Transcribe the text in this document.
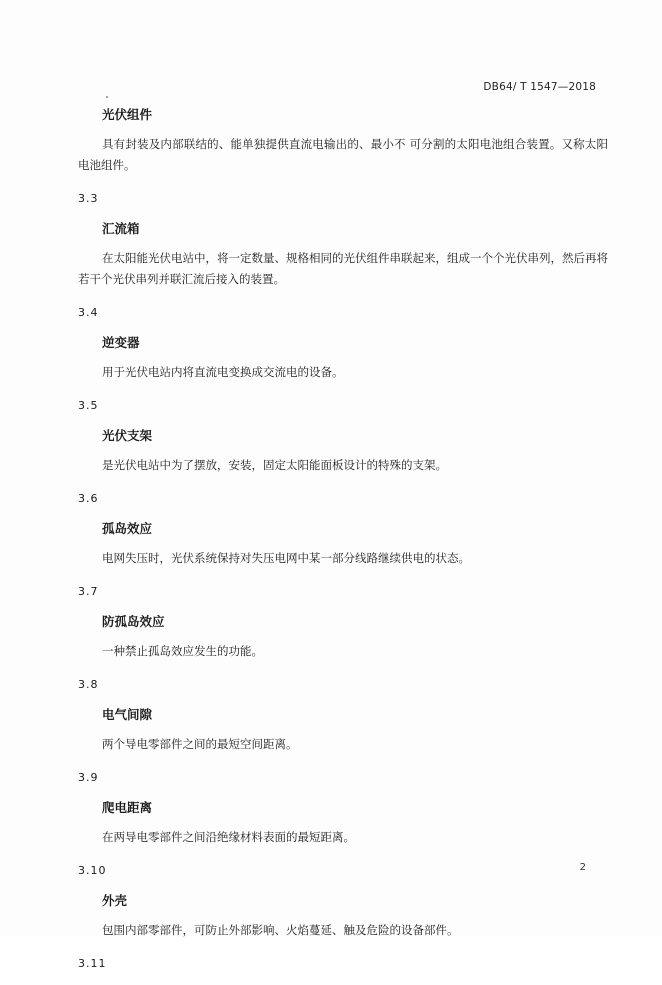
DB64/ T 1547—2018
光伏组件
具有封装及内部联结的、能单独提供直流电输出的、最小不 可分割的太阳电池组合装置。又称太阳电池组件。
3.3
汇流箱
在太阳能光伏电站中，将一定数量、规格相同的光伏组件串联起来，组成一个个光伏串列，然后再将若干个光伏串列并联汇流后接入的装置。
3.4
逆变器
用于光伏电站内将直流电变换成交流电的设备。
3.5
光伏支架
是光伏电站中为了摆放，安装，固定太阳能面板设计的特殊的支架。
3.6
孤岛效应
电网失压时，光伏系统保持对失压电网中某一部分线路继续供电的状态。
3.7
防孤岛效应
一种禁止孤岛效应发生的功能。
3.8
电气间隙
两个导电零部件之间的最短空间距离。
3.9
爬电距离
在两导电零部件之间沿绝缘材料表面的最短距离。
3.10
外壳
包围内部零部件，可防止外部影响、火焰蔓延、触及危险的设备部件。
3.11
2
